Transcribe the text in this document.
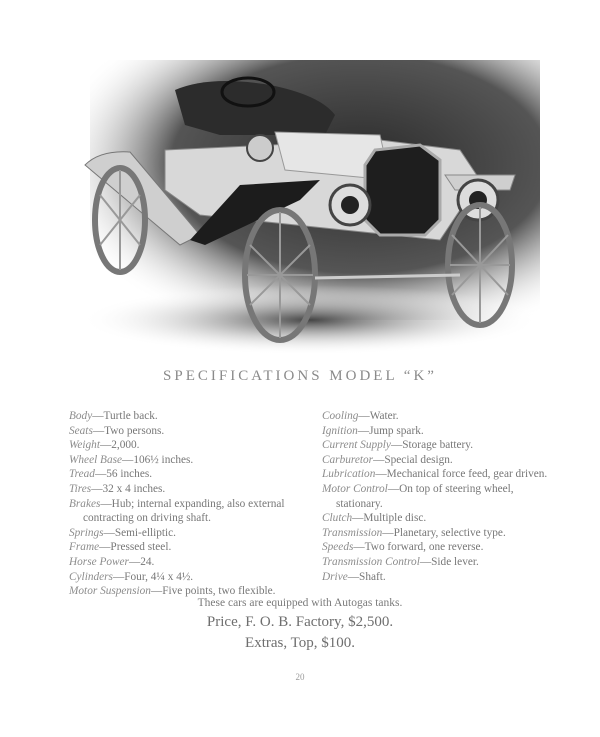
SPECIFICATIONS MODEL “K”
Body—Turtle back.
Seats—Two persons.
Weight—2,000.
Wheel Base—106½ inches.
Tread—56 inches.
Tires—32 x 4 inches.
Brakes—Hub; internal expanding, also external contracting on driving shaft.
Springs—Semi-elliptic.
Frame—Pressed steel.
Horse Power—24.
Cylinders—Four, 4¼ x 4½.
Motor Suspension—Five points, two flexible.
Cooling—Water.
Ignition—Jump spark.
Current Supply—Storage battery.
Carburetor—Special design.
Lubrication—Mechanical force feed, gear driven.
Motor Control—On top of steering wheel, stationary.
Clutch—Multiple disc.
Transmission—Planetary, selective type.
Speeds—Two forward, one reverse.
Transmission Control—Side lever.
Drive—Shaft.
These cars are equipped with Autogas tanks.
Price, F. O. B. Factory, $2,500.
Extras, Top, $100.
20
